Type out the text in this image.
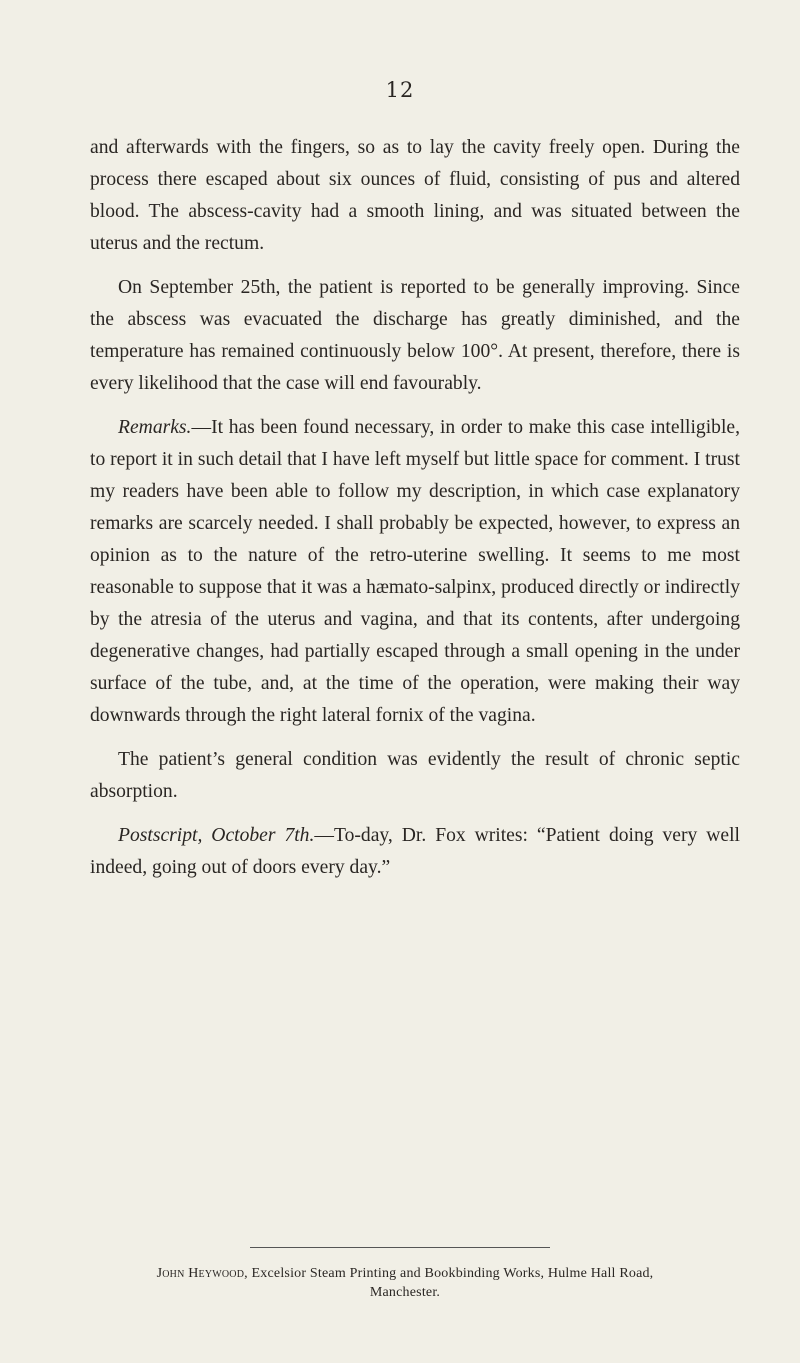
12

and afterwards with the fingers, so as to lay the cavity freely open. During the process there escaped about six ounces of fluid, consisting of pus and altered blood. The abscess-cavity had a smooth lining, and was situated between the uterus and the rectum.

On September 25th, the patient is reported to be generally improving. Since the abscess was evacuated the discharge has greatly diminished, and the temperature has remained continuously below 100°. At present, therefore, there is every likelihood that the case will end favourably.

Remarks.—It has been found necessary, in order to make this case intelligible, to report it in such detail that I have left myself but little space for comment. I trust my readers have been able to follow my description, in which case explanatory remarks are scarcely needed. I shall probably be expected, however, to express an opinion as to the nature of the retro-uterine swelling. It seems to me most reasonable to suppose that it was a hæmato-salpinx, produced directly or indirectly by the atresia of the uterus and vagina, and that its contents, after undergoing degenerative changes, had partially escaped through a small opening in the under surface of the tube, and, at the time of the operation, were making their way downwards through the right lateral fornix of the vagina.

The patient’s general condition was evidently the result of chronic septic absorption.

Postscript, October 7th.—To-day, Dr. Fox writes: “Patient doing very well indeed, going out of doors every day.”

John Heywood, Excelsior Steam Printing and Bookbinding Works, Hulme Hall Road,
Manchester.
